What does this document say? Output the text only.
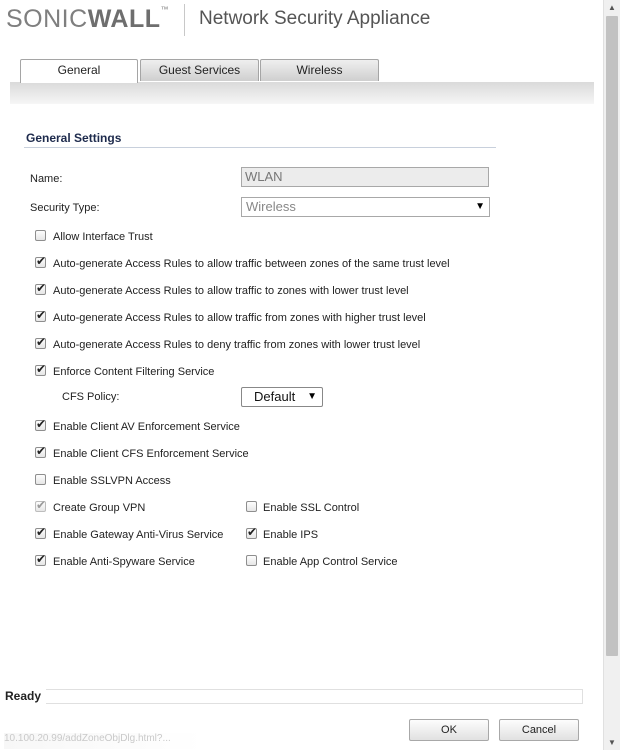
SONICWALL™ Network Security Appliance
General	Guest Services	Wireless
General Settings
Name:	WLAN
Security Type:	Wireless	▼
Allow Interface Trust
✔ Auto-generate Access Rules to allow traffic between zones of the same trust level
✔ Auto-generate Access Rules to allow traffic to zones with lower trust level
✔ Auto-generate Access Rules to allow traffic from zones with higher trust level
✔ Auto-generate Access Rules to deny traffic from zones with lower trust level
✔ Enforce Content Filtering Service
CFS Policy:	Default ▼
✔ Enable Client AV Enforcement Service
✔ Enable Client CFS Enforcement Service
Enable SSLVPN Access
✔ Create Group VPN	Enable SSL Control
✔ Enable Gateway Anti-Virus Service ✔ Enable IPS
✔ Enable Anti-Spyware Service	Enable App Control Service
Ready
OK	Cancel
10.100.20.99/addZoneObjDlg.html?...
▲
▼
